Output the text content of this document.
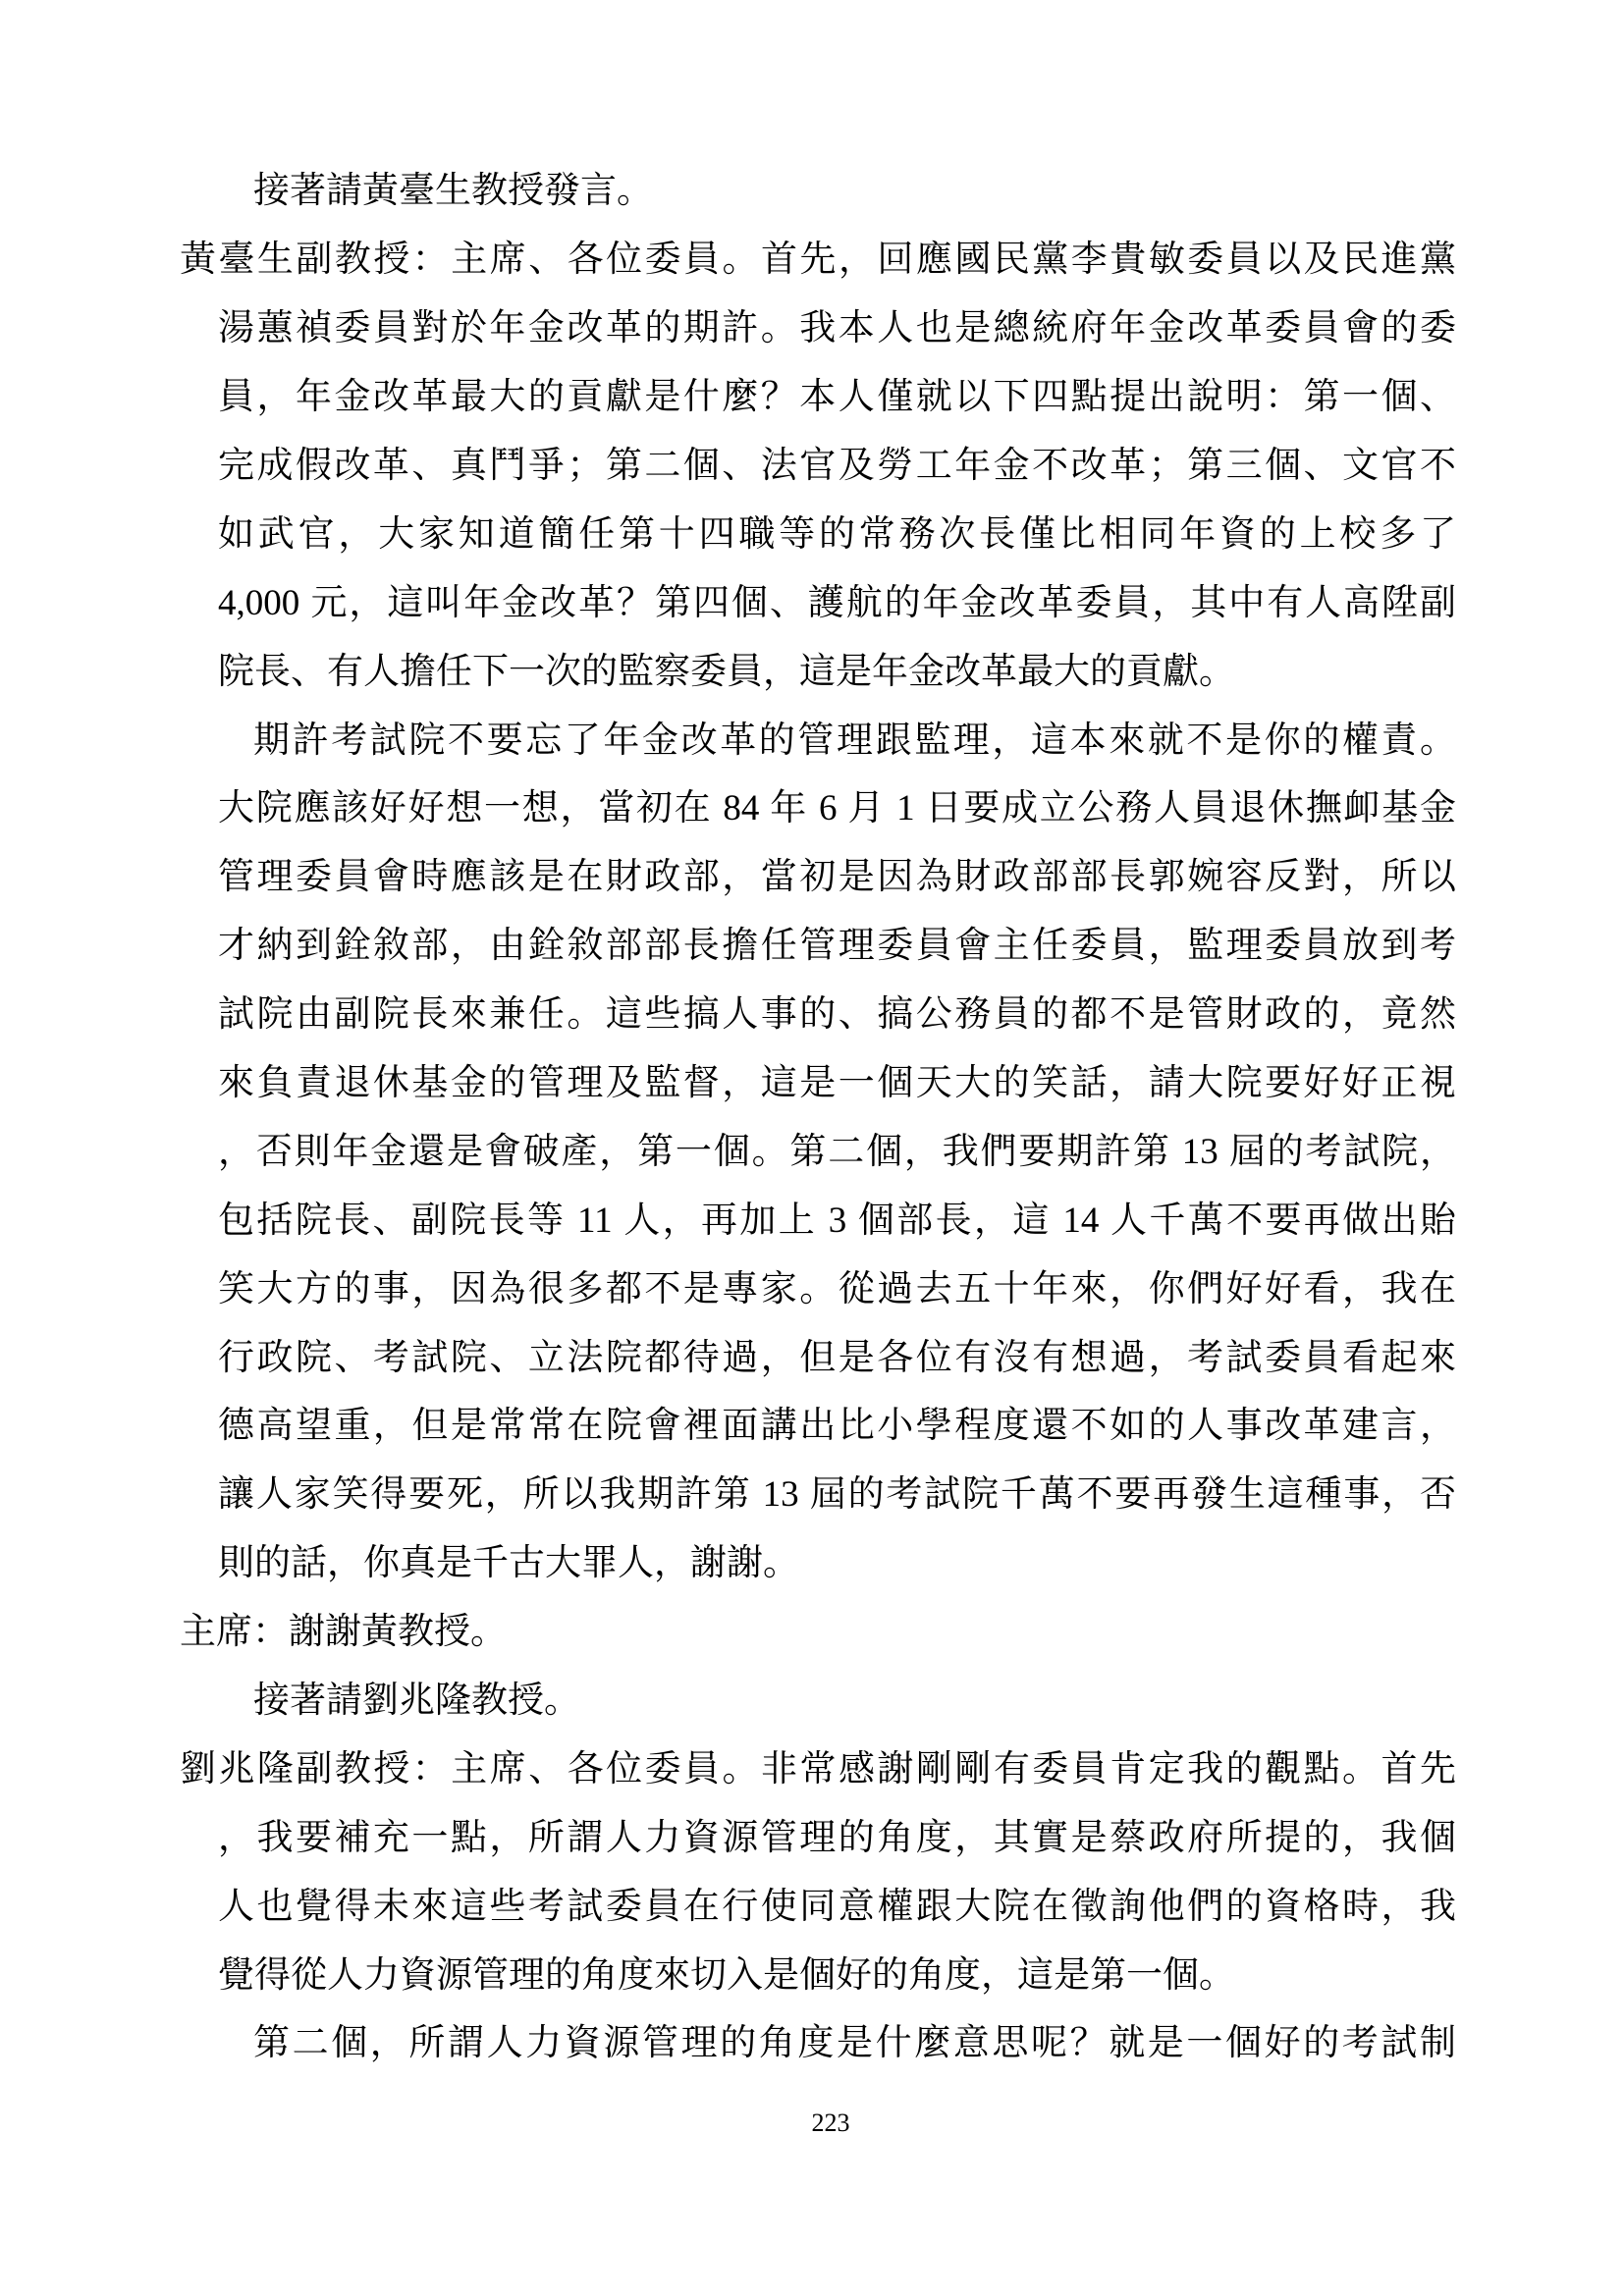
接著請黃臺生教授發言。
黃臺生副教授：主席、各位委員。首先，回應國民黨李貴敏委員以及民進黨
湯蕙禎委員對於年金改革的期許。我本人也是總統府年金改革委員會的委
員，年金改革最大的貢獻是什麼？本人僅就以下四點提出說明：第一個、
完成假改革、真鬥爭；第二個、法官及勞工年金不改革；第三個、文官不
如武官，大家知道簡任第十四職等的常務次長僅比相同年資的上校多了
4,000 元，這叫年金改革？第四個、護航的年金改革委員，其中有人高陞副
院長、有人擔任下一次的監察委員，這是年金改革最大的貢獻。
期許考試院不要忘了年金改革的管理跟監理，這本來就不是你的權責。
大院應該好好想一想，當初在 84 年 6 月 1 日要成立公務人員退休撫卹基金
管理委員會時應該是在財政部，當初是因為財政部部長郭婉容反對，所以
才納到銓敘部，由銓敘部部長擔任管理委員會主任委員，監理委員放到考
試院由副院長來兼任。這些搞人事的、搞公務員的都不是管財政的，竟然
來負責退休基金的管理及監督，這是一個天大的笑話，請大院要好好正視
，否則年金還是會破產，第一個。第二個，我們要期許第 13 屆的考試院，
包括院長、副院長等 11 人，再加上 3 個部長，這 14 人千萬不要再做出貽
笑大方的事，因為很多都不是專家。從過去五十年來，你們好好看，我在
行政院、考試院、立法院都待過，但是各位有沒有想過，考試委員看起來
德高望重，但是常常在院會裡面講出比小學程度還不如的人事改革建言，
讓人家笑得要死，所以我期許第 13 屆的考試院千萬不要再發生這種事，否
則的話，你真是千古大罪人，謝謝。
主席：謝謝黃教授。
接著請劉兆隆教授。
劉兆隆副教授：主席、各位委員。非常感謝剛剛有委員肯定我的觀點。首先
，我要補充一點，所謂人力資源管理的角度，其實是蔡政府所提的，我個
人也覺得未來這些考試委員在行使同意權跟大院在徵詢他們的資格時，我
覺得從人力資源管理的角度來切入是個好的角度，這是第一個。
第二個，所謂人力資源管理的角度是什麼意思呢？就是一個好的考試制
223
